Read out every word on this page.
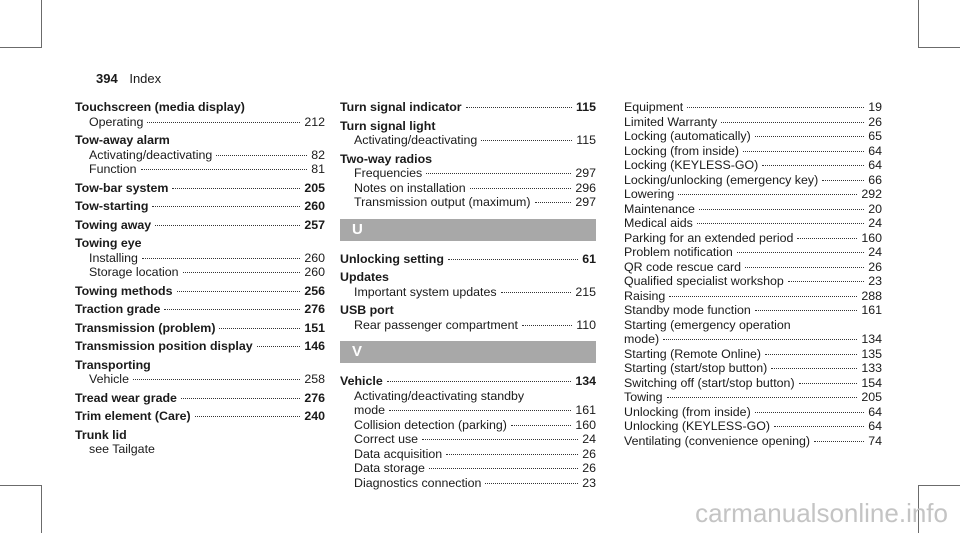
394 Index
Touchscreen (media display)
Operating	212
Tow-away alarm
Activating/deactivating	82
Function	81
Tow-bar system	205
Tow-starting	260
Towing away	257
Towing eye
Installing	260
Storage location	260
Towing methods	256
Traction grade	276
Transmission (problem)	151
Transmission position display	146
Transporting
Vehicle	258
Tread wear grade	276
Trim element (Care)	240
Trunk lid
see Tailgate
Turn signal indicator	115
Turn signal light
Activating/deactivating	115
Two-way radios
Frequencies	297
Notes on installation	296
Transmission output (maximum)	297
U
Unlocking setting	61
Updates
Important system updates	215
USB port
Rear passenger compartment	110
V
Vehicle	134
Activating/deactivating standby
mode	161
Collision detection (parking)	160
Correct use	24
Data acquisition	26
Data storage	26
Diagnostics connection	23
Equipment	19
Limited Warranty	26
Locking (automatically)	65
Locking (from inside)	64
Locking (KEYLESS-GO)	64
Locking/unlocking (emergency key)	66
Lowering	292
Maintenance	20
Medical aids	24
Parking for an extended period	160
Problem notification	24
QR code rescue card	26
Qualified specialist workshop	23
Raising	288
Standby mode function	161
Starting (emergency operation
mode)	134
Starting (Remote Online)	135
Starting (start/stop button)	133
Switching off (start/stop button)	154
Towing	205
Unlocking (from inside)	64
Unlocking (KEYLESS-GO)	64
Ventilating (convenience opening)	74
carmanualsonline.info
